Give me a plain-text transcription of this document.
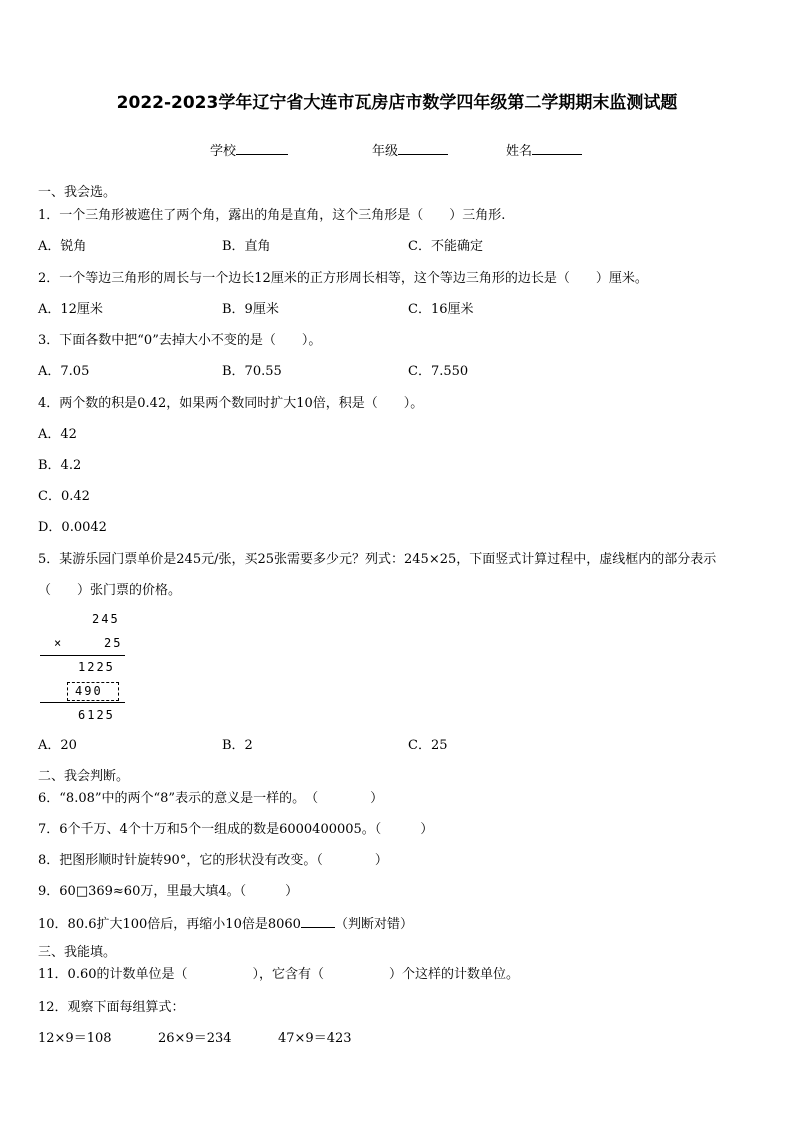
2022-2023学年辽宁省大连市瓦房店市数学四年级第二学期期末监测试题
学校	年级	姓名
一、我会选。
1．一个三角形被遮住了两个角，露出的角是直角，这个三角形是（　　）三角形.
A．锐角	B．直角	C．不能确定
2．一个等边三角形的周长与一个边长12厘米的正方形周长相等，这个等边三角形的边长是（　　）厘米。
A．12厘米	B．9厘米	C．16厘米
3．下面各数中把“0”去掉大小不变的是（　　）。
A．7.05	B．70.55	C．7.550
4．两个数的积是0.42，如果两个数同时扩大10倍，积是（　　）。
A．42
B．4.2
C．0.42
D．0.0042
5．某游乐园门票单价是245元/张，买25张需要多少元？列式：245×25，下面竖式计算过程中，虚线框内的部分表示
（　　）张门票的价格。
245
×	25
1225
490
6125
A．20	B．2	C．25
二、我会判断。
6．“8.08”中的两个“8”表示的意义是一样的。　（　　　　）
7．6个千万、4个十万和5个一组成的数是6000400005。（　　　）
8．把图形顺时针旋转90°，它的形状没有改变。（　　　　）
9．60□369≈60万，里最大填4。（　　　）
10．80.6扩大100倍后，再缩小10倍是8060	（判断对错）
三、我能填。
11．0.60的计数单位是（　　　　　），它含有（　　　　　）个这样的计数单位。
12．观察下面每组算式：
12×9＝108	26×9＝234	47×9＝423
